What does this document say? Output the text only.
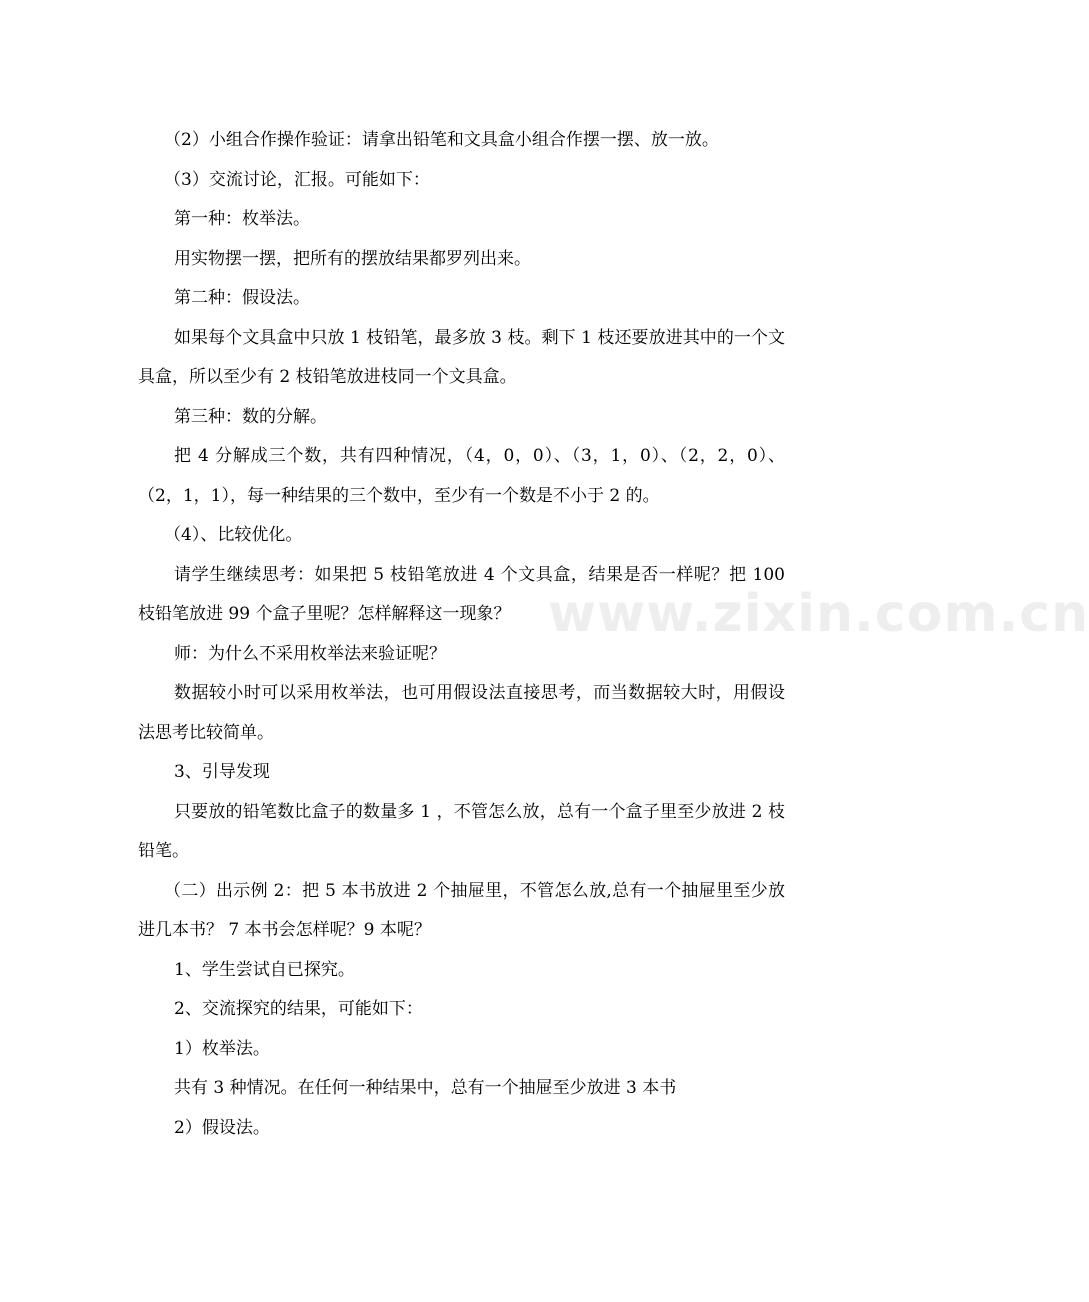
（2）小组合作操作验证：请拿出铅笔和文具盒小组合作摆一摆、放一放。

（3）交流讨论，汇报。可能如下：

第一种：枚举法。

用实物摆一摆，把所有的摆放结果都罗列出来。

第二种：假设法。

如果每个文具盒中只放 1 枝铅笔，最多放 3 枝。剩下 1 枝还要放进其中的一个文具盒，所以至少有 2 枝铅笔放进枝同一个文具盒。

第三种：数的分解。

把 4 分解成三个数，共有四种情况，（4，0，0）、（3，1，0）、（2，2，0）、（2，1，1），每一种结果的三个数中，至少有一个数是不小于 2 的。

（4）、比较优化。

请学生继续思考：如果把 5 枝铅笔放进 4 个文具盒，结果是否一样呢？把 100 枝铅笔放进 99 个盒子里呢？怎样解释这一现象？

师：为什么不采用枚举法来验证呢？

数据较小时可以采用枚举法，也可用假设法直接思考，而当数据较大时，用假设法思考比较简单。

3、引导发现

只要放的铅笔数比盒子的数量多 1 ，不管怎么放，总有一个盒子里至少放进 2 枝铅笔。

（二）出示例 2：把 5 本书放进 2 个抽屉里，不管怎么放,总有一个抽屉里至少放进几本书？ 7 本书会怎样呢？9 本呢？

1、学生尝试自已探究。

2、交流探究的结果，可能如下：

1）枚举法。

共有 3 种情况。在任何一种结果中，总有一个抽屉至少放进 3 本书

2）假设法。

www.zixin.com.cn
